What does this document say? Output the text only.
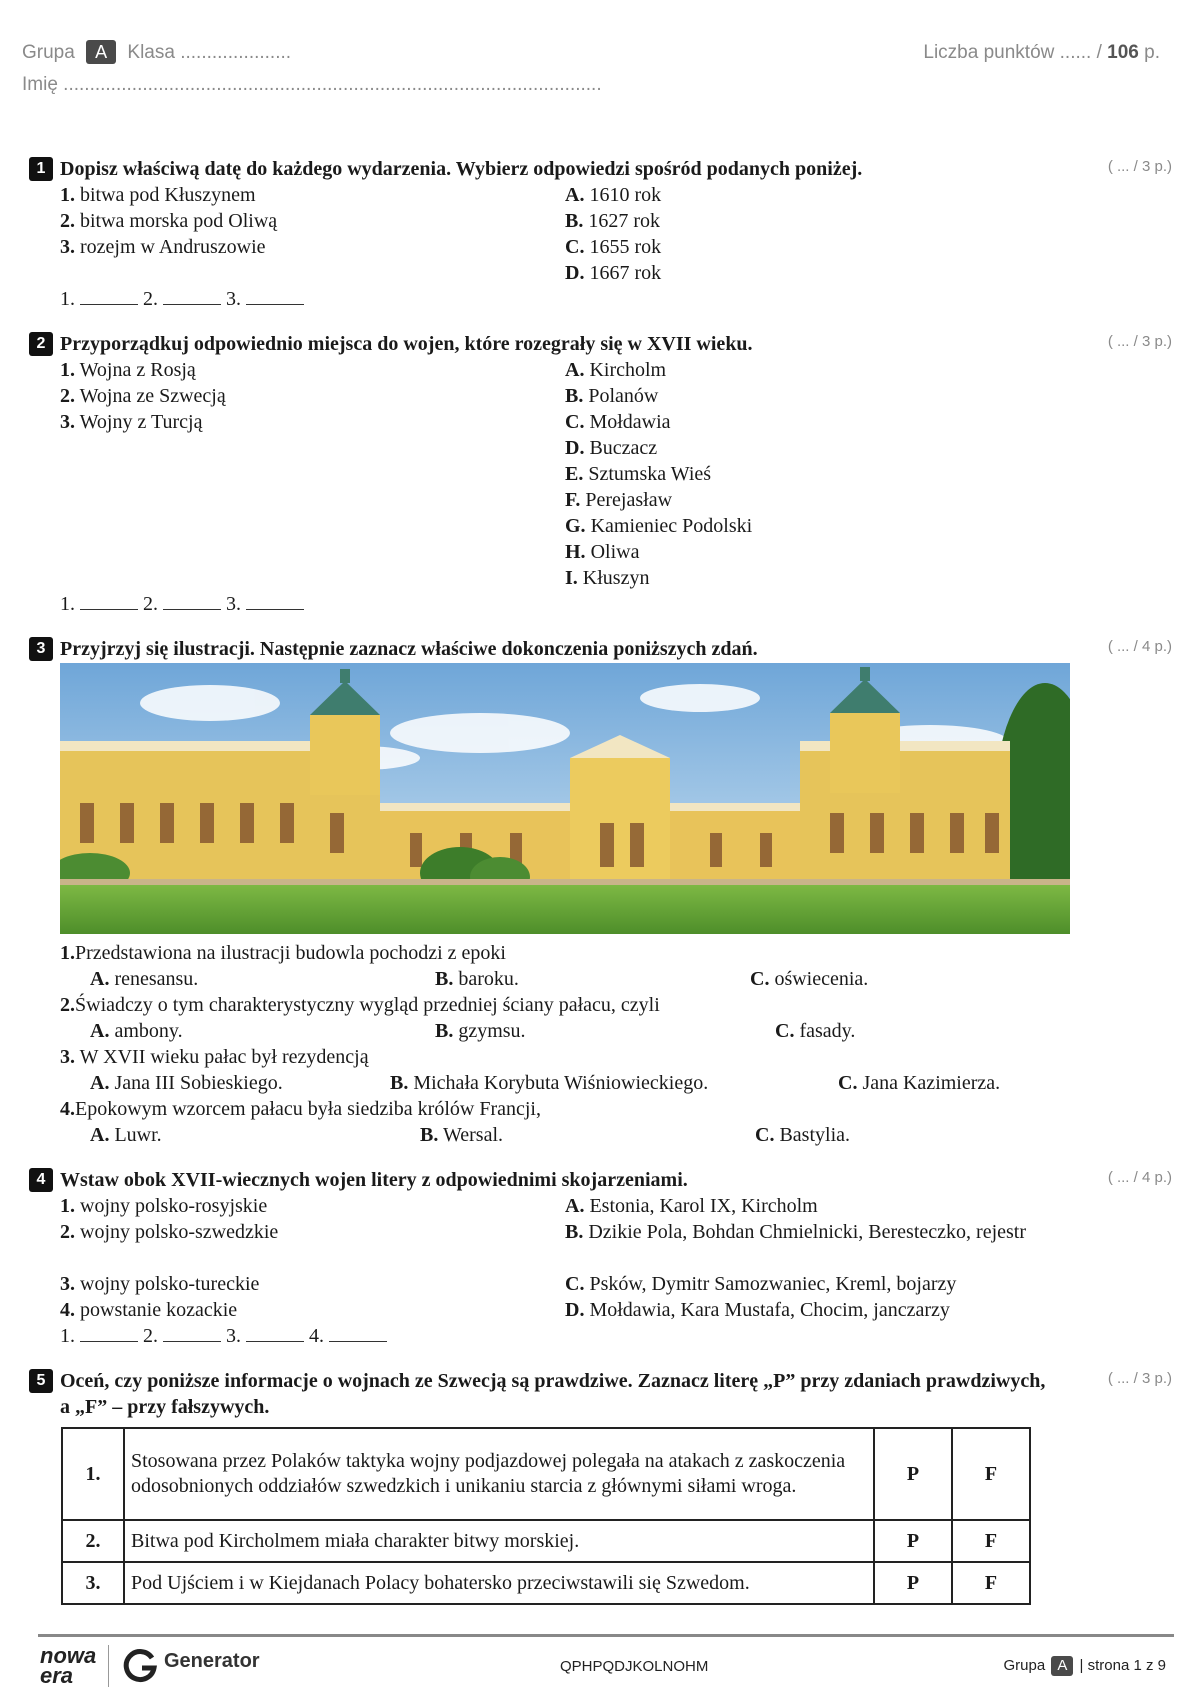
Grupa A Klasa .....................	Liczba punktów ...... / 106 p.
Imię ......................................................................................................
1 Dopisz właściwą datę do każdego wydarzenia. Wybierz odpowiedzi spośród podanych poniżej.	( ... / 3 p.)
1. bitwa pod Kłuszynem
2. bitwa morska pod Oliwą
3. rozejm w Andruszowie
A. 1610 rok
B. 1627 rok
C. 1655 rok
D. 1667 rok
1.	2.	3.
2 Przyporządkuj odpowiednio miejsca do wojen, które rozegrały się w XVII wieku.	( ... / 3 p.)
1. Wojna z Rosją
2. Wojna ze Szwecją
3. Wojny z Turcją
A. Kircholm
B. Polanów
C. Mołdawia
D. Buczacz
E. Sztumska Wieś
F. Perejasław
G. Kamieniec Podolski
H. Oliwa
I. Kłuszyn
1.	2.	3.
3 Przyjrzyj się ilustracji. Następnie zaznacz właściwe dokonczenia poniższych zdań.	( ... / 4 p.)
1.Przedstawiona na ilustracji budowla pochodzi z epoki
A. renesansu.	B. baroku.	C. oświecenia.
2.Świadczy o tym charakterystyczny wygląd przedniej ściany pałacu, czyli
A. ambony.	B. gzymsu.	C. fasady.
3. W XVII wieku pałac był rezydencją
A. Jana III Sobieskiego.	B. Michała Korybuta Wiśniowieckiego.	C. Jana Kazimierza.
4.Epokowym wzorcem pałacu była siedziba królów Francji,
A. Luwr.	B. Wersal.	C. Bastylia.
4 Wstaw obok XVII-wiecznych wojen litery z odpowiednimi skojarzeniami.	( ... / 4 p.)
1. wojny polsko-rosyjskie
2. wojny polsko-szwedzkie
3. wojny polsko-tureckie
4. powstanie kozackie
A. Estonia, Karol IX, Kircholm
B. Dzikie Pola, Bohdan Chmielnicki, Beresteczko, rejestr
C. Psków, Dymitr Samozwaniec, Kreml, bojarzy
D. Mołdawia, Kara Mustafa, Chocim, janczarzy
1.	2.	3.	4.
5 Oceń, czy poniższe informacje o wojnach ze Szwecją są prawdziwe. Zaznacz literę „P” przy zdaniach prawdziwych, a „F” – przy fałszywych.
( ... / 3 p.)
1.	Stosowana przez Polaków taktyka wojny podjazdowej polegała na atakach z zaskoczenia odosobnionych oddziałów szwedzkich i unikaniu starcia z głównymi siłami wroga.	P	F
2.	Bitwa pod Kircholmem miała charakter bitwy morskiej.	P	F
3.	Pod Ujściem i w Kiejdanach Polacy bohatersko przeciwstawili się Szwedom.	P	F
nowa era
Generator	QPHPQDJKOLNOHM	Grupa A | strona 1 z 9
